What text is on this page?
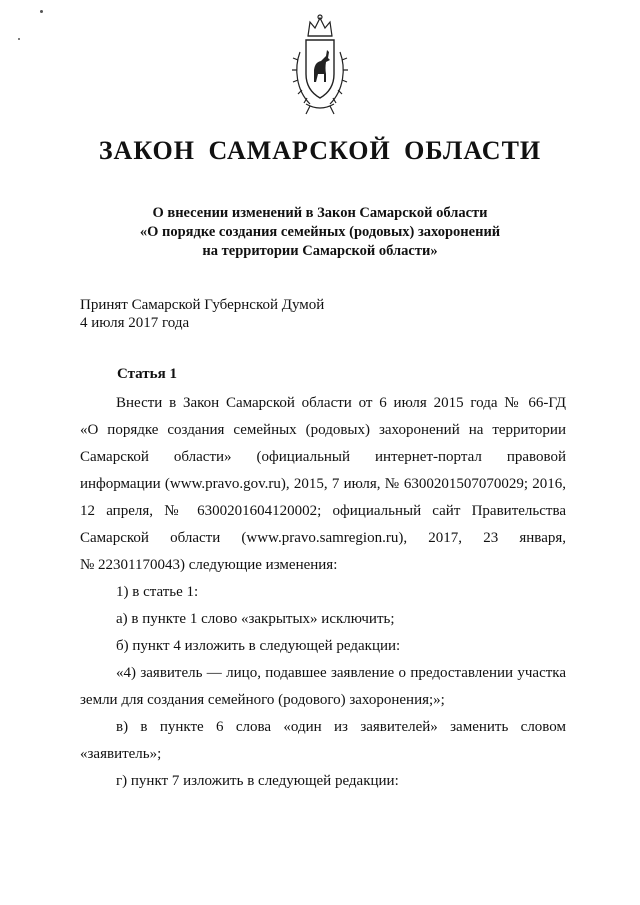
ЗАКОН САМАРСКОЙ ОБЛАСТИ
О внесении изменений в Закон Самарской области
«О порядке создания семейных (родовых) захоронений
на территории Самарской области»
Принят Самарской Губернской Думой
4 июля 2017 года
Статья 1
Внести в Закон Самарской области от 6 июля 2015 года № 66-ГД
«О порядке создания семейных (родовых) захоронений на территории
Самарской области» (официальный интернет-портал правовой
информации (www.pravo.gov.ru), 2015, 7 июля, № 6300201507070029; 2016,
12 апреля, № 6300201604120002; официальный сайт Правительства
Самарской области (www.pravo.samregion.ru), 2017, 23 января,
№ 22301170043) следующие изменения:
1) в статье 1:
а) в пункте 1 слово «закрытых» исключить;
б) пункт 4 изложить в следующей редакции:
«4) заявитель — лицо, подавшее заявление о предоставлении участка
земли для создания семейного (родового) захоронения;»;
в) в пункте 6 слова «один из заявителей» заменить словом
«заявитель»;
г) пункт 7 изложить в следующей редакции:
